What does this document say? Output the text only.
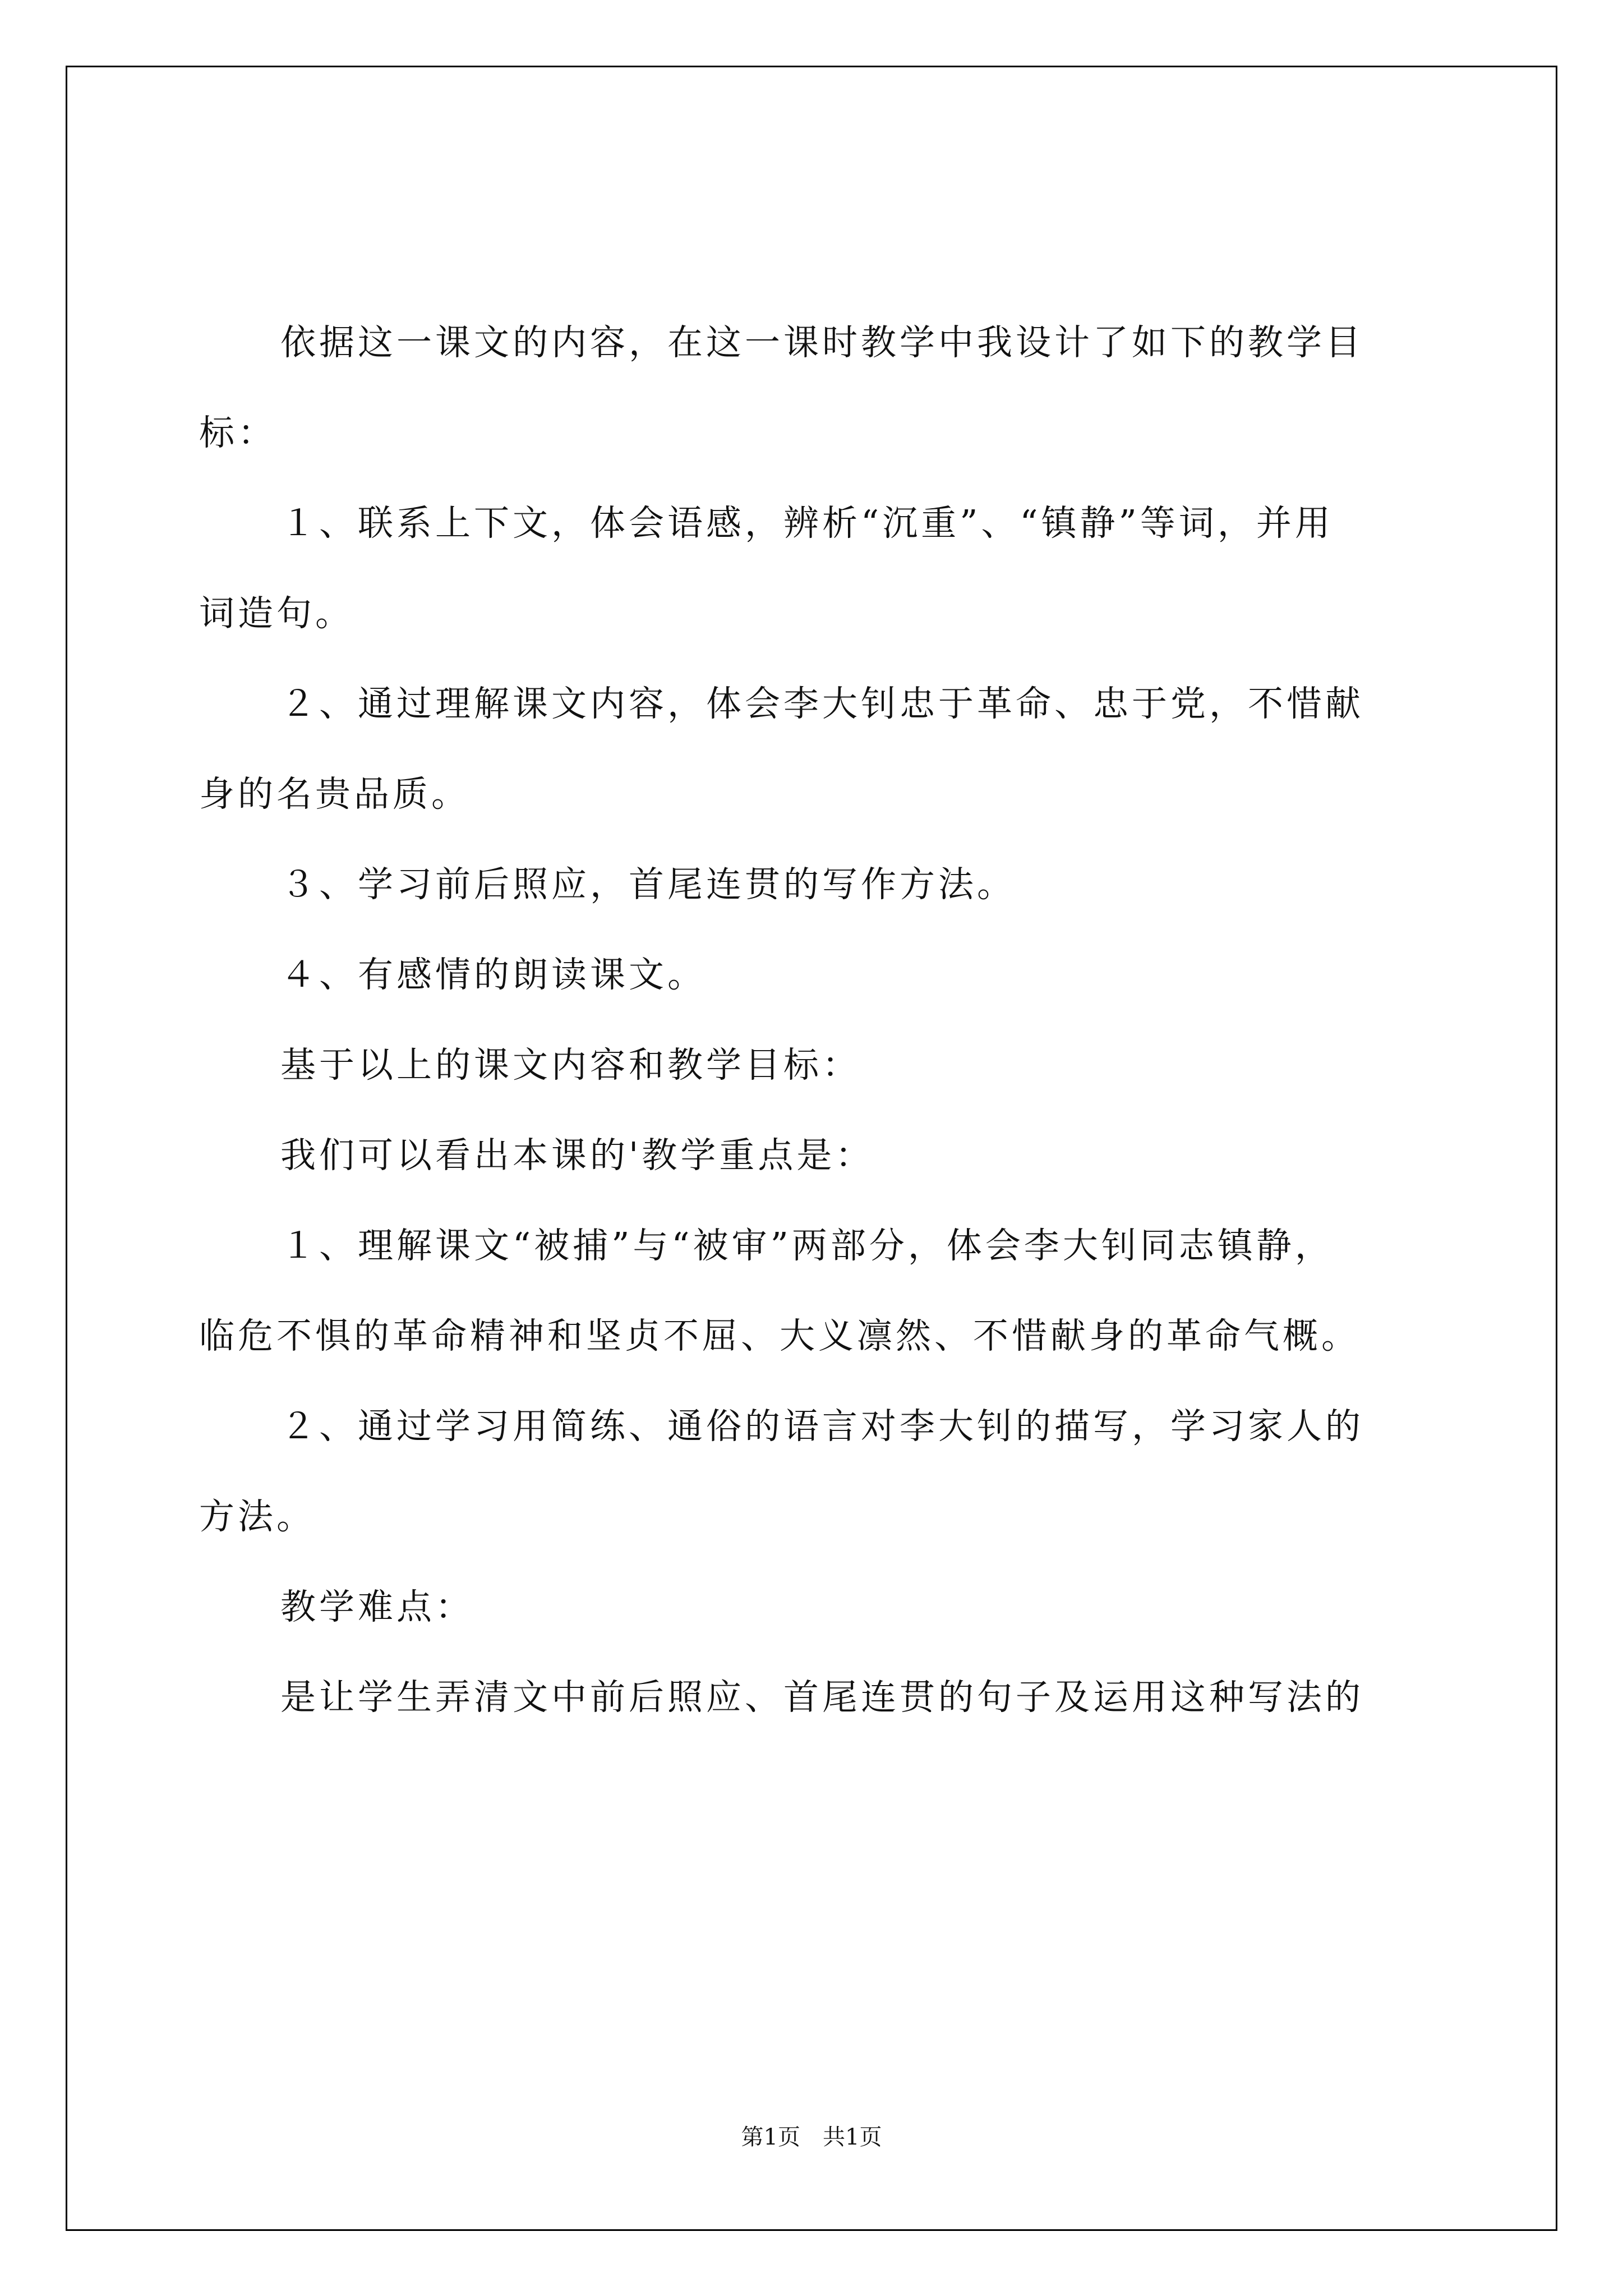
依据这一课文的内容，在这一课时教学中我设计了如下的教学目

标：

１、联系上下文，体会语感，辨析“沉重”、“镇静”等词，并用

词造句。

２、通过理解课文内容，体会李大钊忠于革命、忠于党，不惜献

身的名贵品质。

３、学习前后照应，首尾连贯的写作方法。

４、有感情的朗读课文。

基于以上的课文内容和教学目标：

我们可以看出本课的'教学重点是：

１、理解课文“被捕”与“被审”两部分，体会李大钊同志镇静，

临危不惧的革命精神和坚贞不屈、大义凛然、不惜献身的革命气概。

２、通过学习用简练、通俗的语言对李大钊的描写，学习家人的

方法。

教学难点：

是让学生弄清文中前后照应、首尾连贯的句子及运用这种写法的

第1页 共1页
